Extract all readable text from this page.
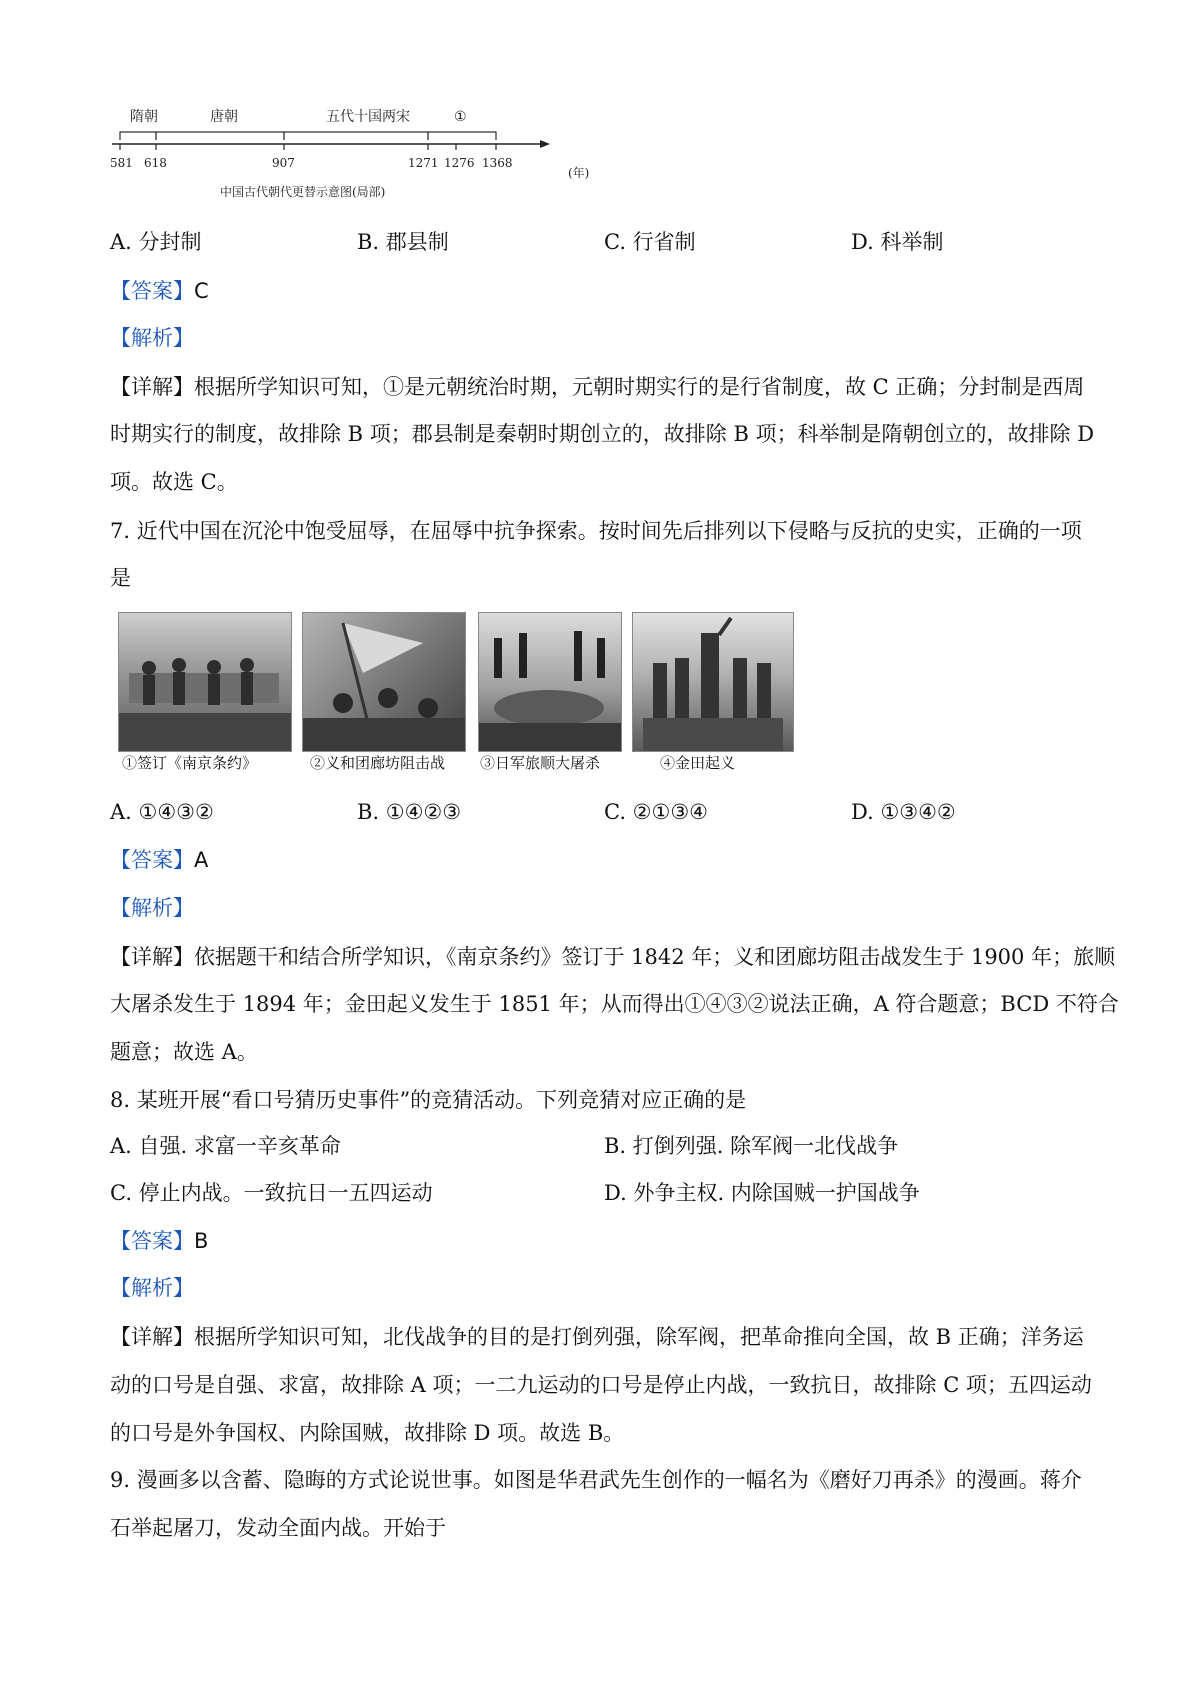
隋朝	唐朝	五代十国两宋	①
581 618	907	1271 1276 1368
(年)
中国古代朝代更替示意图(局部)
A. 分封制	B. 郡县制	C. 行省制	D. 科举制
【答案】C
【解析】
【详解】根据所学知识可知，①是元朝统治时期，元朝时期实行的是行省制度，故 C 正确；分封制是西周
时期实行的制度，故排除 B 项；郡县制是秦朝时期创立的，故排除 B 项；科举制是隋朝创立的，故排除 D
项。故选 C。
7. 近代中国在沉沦中饱受屈辱，在屈辱中抗争探索。按时间先后排列以下侵略与反抗的史实，正确的一项
是
①签订《南京条约》	②义和团廊坊阻击战 ③日军旅顺大屠杀	④金田起义
A. ①④③②	B. ①④②③	C. ②①③④	D. ①③④②
【答案】A
【解析】
【详解】依据题干和结合所学知识，《南京条约》签订于 1842 年；义和团廊坊阻击战发生于 1900 年；旅顺
大屠杀发生于 1894 年；金田起义发生于 1851 年；从而得出①④③②说法正确，A 符合题意；BCD 不符合
题意；故选 A。
8. 某班开展“看口号猜历史事件”的竞猜活动。下列竞猜对应正确的是
A. 自强. 求富一辛亥革命	B. 打倒列强. 除军阀一北伐战争
C. 停止内战。一致抗日一五四运动	D. 外争主权. 内除国贼一护国战争
【答案】B
【解析】
【详解】根据所学知识可知，北伐战争的目的是打倒列强，除军阀，把革命推向全国，故 B 正确；洋务运
动的口号是自强、求富，故排除 A 项；一二九运动的口号是停止内战，一致抗日，故排除 C 项；五四运动
的口号是外争国权、内除国贼，故排除 D 项。故选 B。
9. 漫画多以含蓄、隐晦的方式论说世事。如图是华君武先生创作的一幅名为《磨好刀再杀》的漫画。蒋介
石举起屠刀，发动全面内战。开始于
